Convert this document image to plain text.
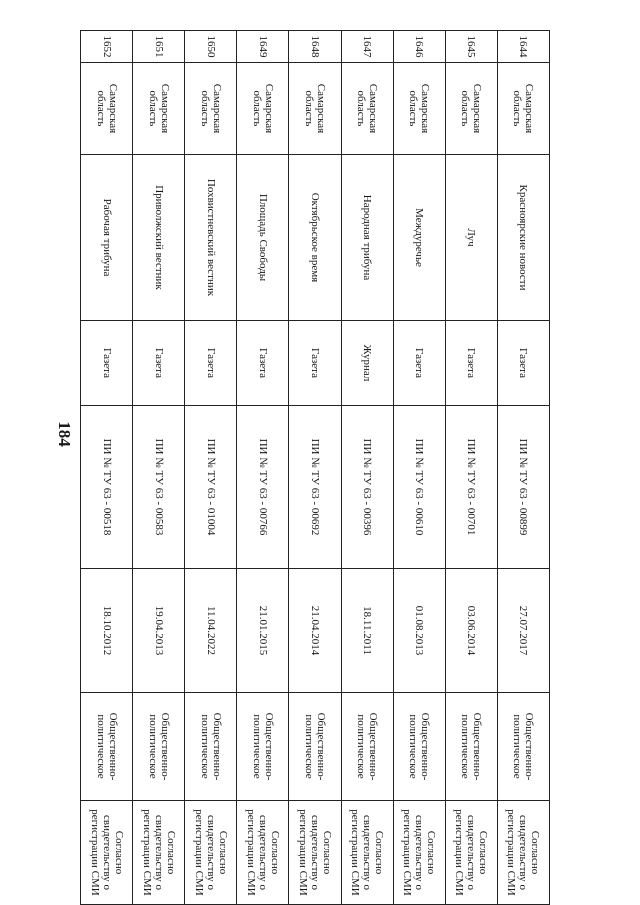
184
1644	Самарская область	Красноярские новости	Газета	ПИ № ТУ 63 - 00899	27.07.2017	Общественно-политическое	Согласно свидетельству о регистрации СМИ
1645	Самарская область	Луч	Газета	ПИ № ТУ 63 - 00701	03.06.2014	Общественно-политическое	Согласно свидетельству о регистрации СМИ
1646	Самарская область	Междуречье	Газета	ПИ № ТУ 63 - 00610	01.08.2013	Общественно-политическое	Согласно свидетельству о регистрации СМИ
1647	Самарская область	Народная трибуна	Журнал	ПИ № ТУ 63 - 00396	18.11.2011	Общественно-политическое	Согласно свидетельству о регистрации СМИ
1648	Самарская область	Октябрьское время	Газета	ПИ № ТУ 63 - 00692	21.04.2014	Общественно-политическое	Согласно свидетельству о регистрации СМИ
1649	Самарская область	Площадь Свободы	Газета	ПИ № ТУ 63 - 00766	21.01.2015	Общественно-политическое	Согласно свидетельству о регистрации СМИ
1650	Самарская область	Похвистневский вестник	Газета	ПИ № ТУ 63 - 01004	11.04.2022	Общественно-политическое	Согласно свидетельству о регистрации СМИ
1651	Самарская область	Приволжский вестник	Газета	ПИ № ТУ 63 - 00583	19.04.2013	Общественно-политическое	Согласно свидетельству о регистрации СМИ
1652	Самарская область	Рабочая трибуна	Газета	ПИ № ТУ 63 - 00518	18.10.2012	Общественно-политическое	Согласно свидетельству о регистрации СМИ
